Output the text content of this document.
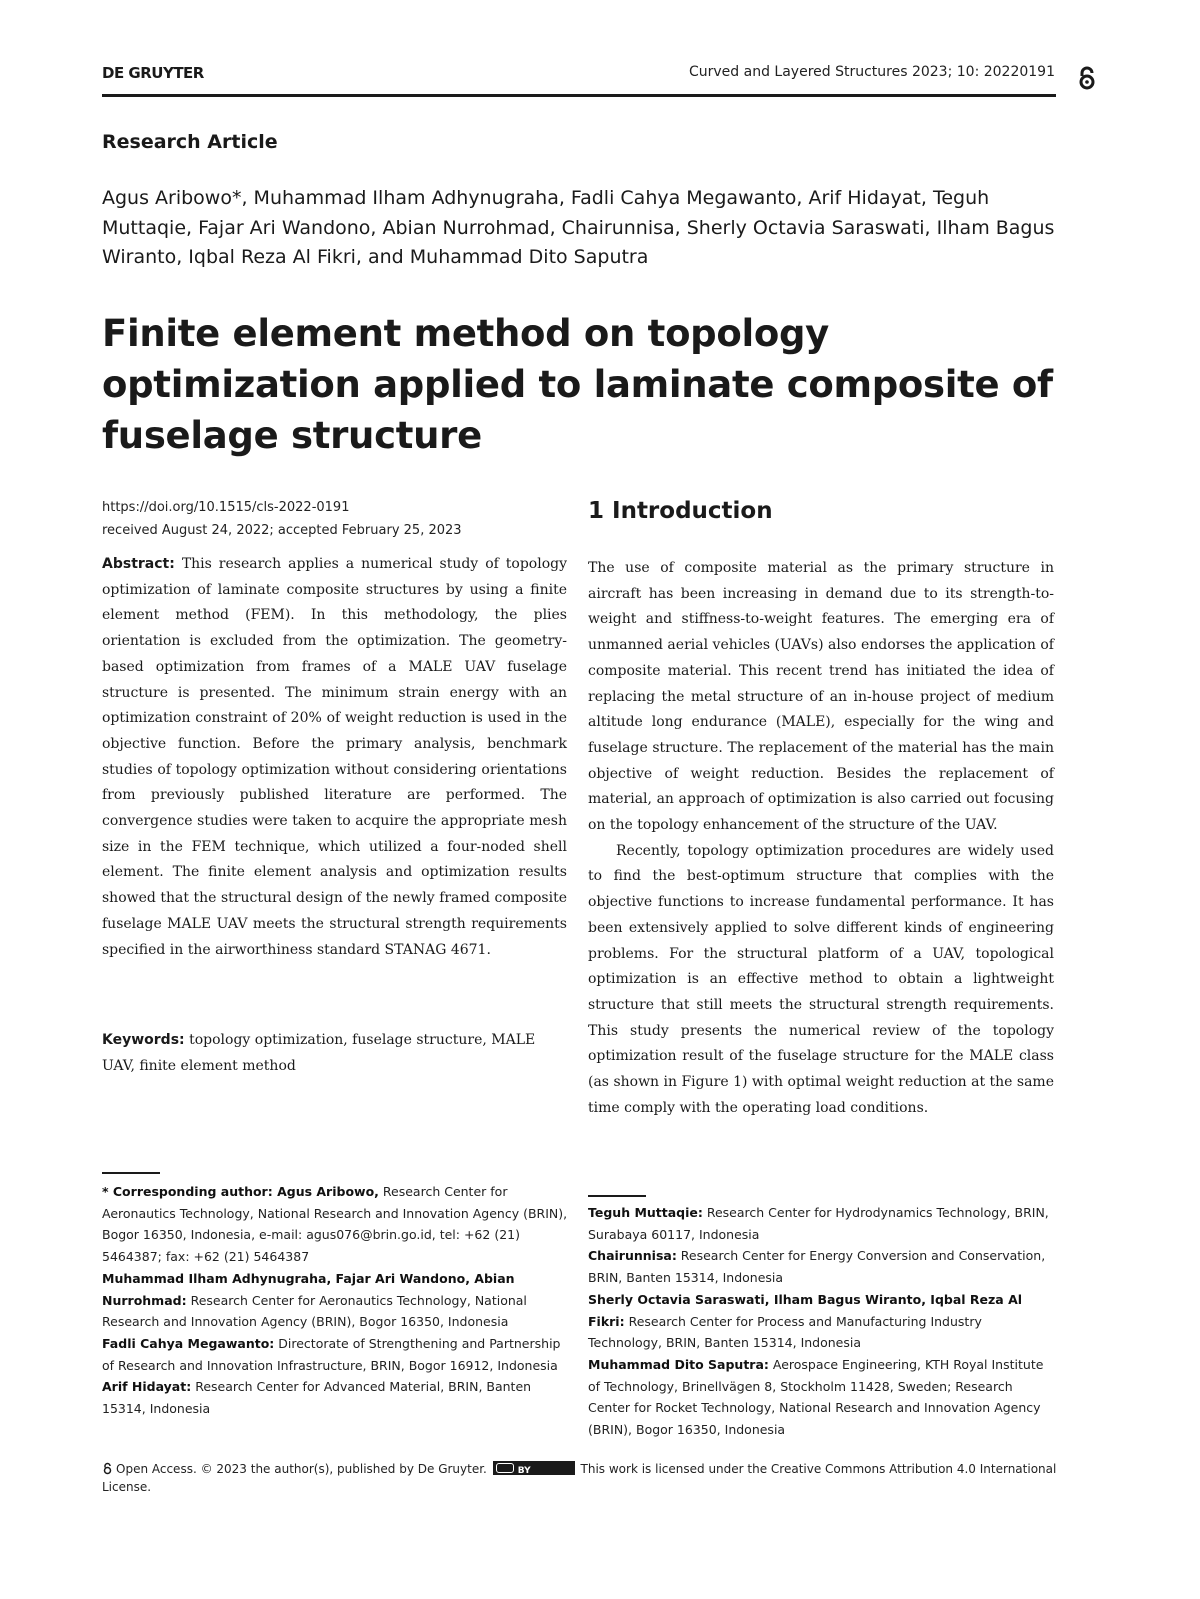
DE GRUYTER	Curved and Layered Structures 2023; 10: 20220191
Research Article
Agus Aribowo*, Muhammad Ilham Adhynugraha, Fadli Cahya Megawanto, Arif Hidayat, Teguh Muttaqie, Fajar Ari Wandono, Abian Nurrohmad, Chairunnisa, Sherly Octavia Saraswati, Ilham Bagus Wiranto, Iqbal Reza Al Fikri, and Muhammad Dito Saputra
Finite element method on topology optimization applied to laminate composite of fuselage structure
https://doi.org/10.1515/cls-2022-0191
received August 24, 2022; accepted February 25, 2023
Abstract: This research applies a numerical study of topology optimization of laminate composite structures by using a finite element method (FEM). In this methodology, the plies orientation is excluded from the optimization. The geometry-based optimization from frames of a MALE UAV fuselage structure is presented. The minimum strain energy with an optimization constraint of 20% of weight reduction is used in the objective function. Before the primary analysis, benchmark studies of topology optimization without considering orientations from previously published literature are performed. The convergence studies were taken to acquire the appropriate mesh size in the FEM technique, which utilized a four-noded shell element. The finite element analysis and optimization results showed that the structural design of the newly framed composite fuselage MALE UAV meets the structural strength requirements specified in the airworthiness standard STANAG 4671.
Keywords: topology optimization, fuselage structure, MALE UAV, finite element method
1 Introduction

The use of composite material as the primary structure in aircraft has been increasing in demand due to its strength-to-weight and stiffness-to-weight features. The emerging era of unmanned aerial vehicles (UAVs) also endorses the application of composite material. This recent trend has initiated the idea of replacing the metal structure of an in-house project of medium altitude long endurance (MALE), especially for the wing and fuselage structure. The replacement of the material has the main objective of weight reduction. Besides the replacement of material, an approach of optimization is also carried out focusing on the topology enhancement of the structure of the UAV.

Recently, topology optimization procedures are widely used to find the best-optimum structure that complies with the objective functions to increase fundamental performance. It has been extensively applied to solve different kinds of engineering problems. For the structural platform of a UAV, topological optimization is an effective method to obtain a lightweight structure that still meets the structural strength requirements. This study presents the numerical review of the topology optimization result of the fuselage structure for the MALE class (as shown in Figure 1) with optimal weight reduction at the same time comply with the operating load conditions.

* Corresponding author: Agus Aribowo, Research Center for Aeronautics Technology, National Research and Innovation Agency (BRIN), Bogor 16350, Indonesia, e-mail: agus076@brin.go.id, tel: +62 (21) 5464387; fax: +62 (21) 5464387

Muhammad Ilham Adhynugraha, Fajar Ari Wandono, Abian Nurrohmad: Research Center for Aeronautics Technology, National Research and Innovation Agency (BRIN), Bogor 16350, Indonesia

Fadli Cahya Megawanto: Directorate of Strengthening and Partnership of Research and Innovation Infrastructure, BRIN, Bogor 16912, Indonesia

Arif Hidayat: Research Center for Advanced Material, BRIN, Banten 15314, Indonesia

Teguh Muttaqie: Research Center for Hydrodynamics Technology, BRIN, Surabaya 60117, Indonesia

Chairunnisa: Research Center for Energy Conversion and Conservation, BRIN, Banten 15314, Indonesia

Sherly Octavia Saraswati, Ilham Bagus Wiranto, Iqbal Reza Al Fikri: Research Center for Process and Manufacturing Industry Technology, BRIN, Banten 15314, Indonesia

Muhammad Dito Saputra: Aerospace Engineering, KTH Royal Institute of Technology, Brinellvägen 8, Stockholm 11428, Sweden; Research Center for Rocket Technology, National Research and Innovation Agency (BRIN), Bogor 16350, Indonesia

Open Access. © 2023 the author(s), published by De Gruyter.	BY	This work is licensed under the Creative Commons Attribution 4.0 International License.
